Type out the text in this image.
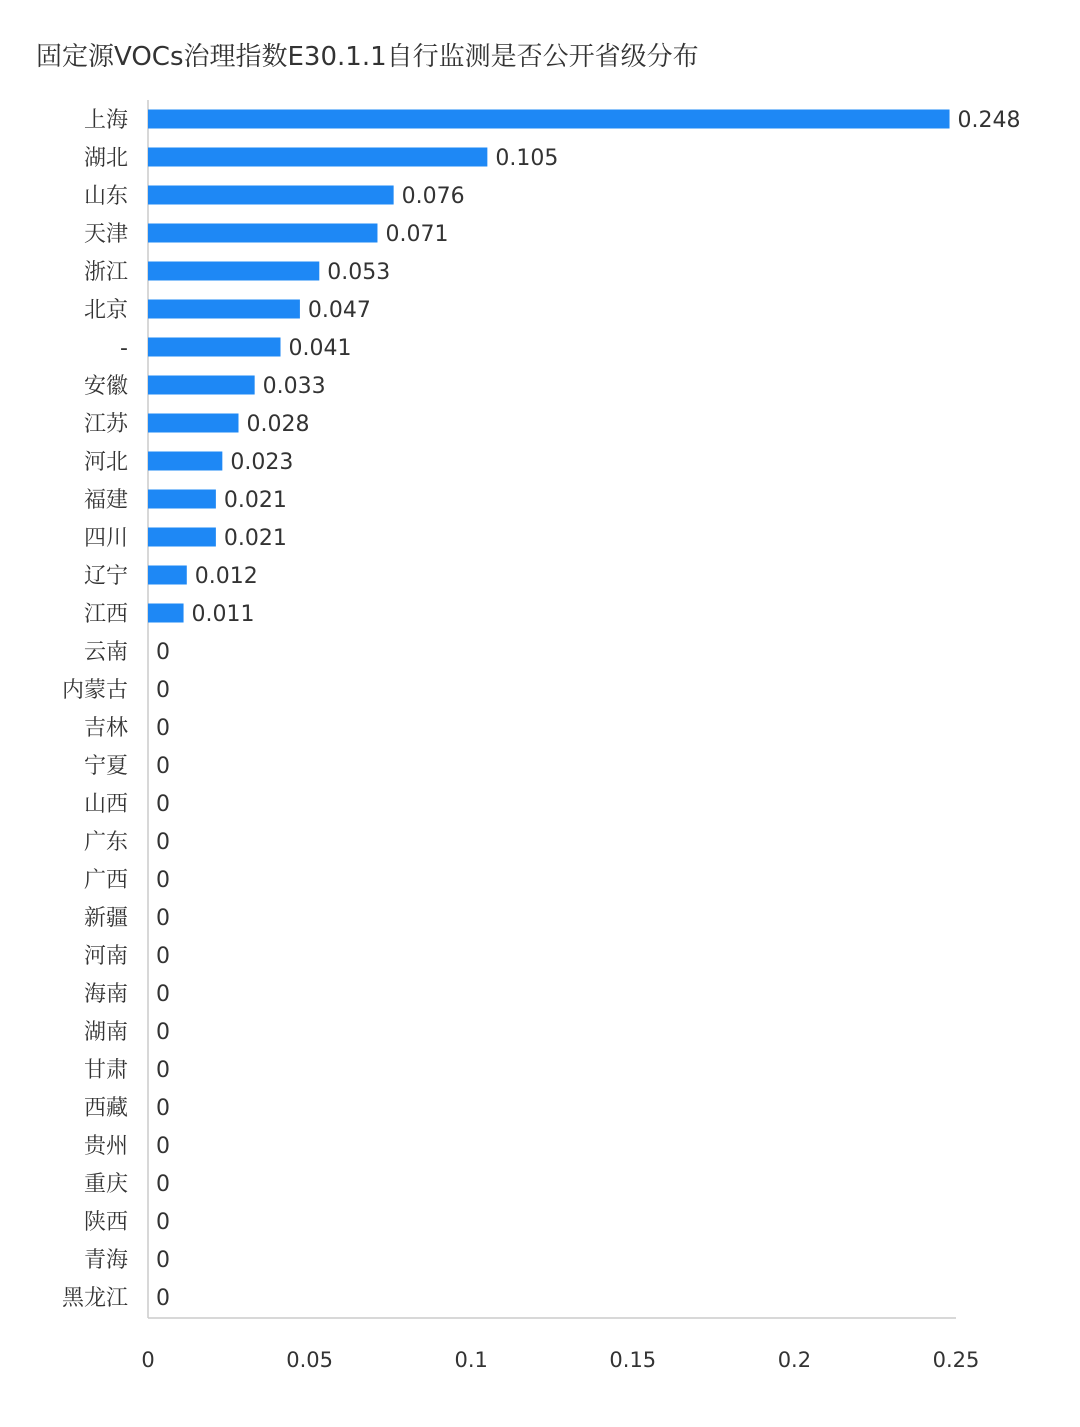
固定源VOCs治理指数E30.1.1自行监测是否公开省级分布
0	0.05	0.1	0.15	0.2	0.25
上海	0.248
湖北	0.105
山东	0.076
天津	0.071
浙江	0.053
北京	0.047
-	0.041
安徽	0.033
江苏	0.028
河北	0.023
福建	0.021
四川	0.021
辽宁	0.012
江西	0.011
云南 0
内蒙古 0
吉林 0
宁夏 0
山西 0
广东 0
广西 0
新疆 0
河南 0
海南 0
湖南 0
甘肃 0
西藏 0
贵州 0
重庆 0
陕西 0
青海 0
黑龙江 0
